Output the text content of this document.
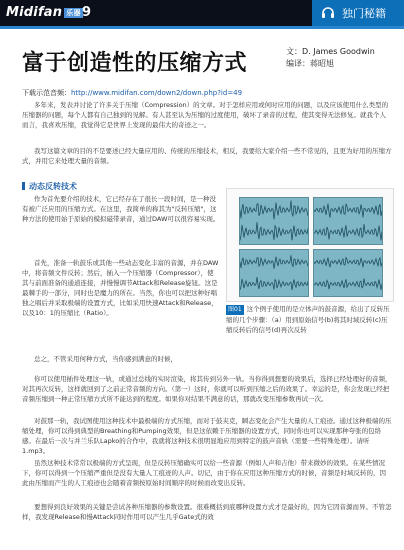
Midifan 乐器 9	独门秘籍
富于创造性的压缩方式	文：D. James Goodwin
编译：蒋昭旭
下载示范音频：http://www.midifan.com/down2/down.php?id=49

多年来，发表并讨论了许多关于压缩（Compression）的文章。对于怎样应用或何时应用的问题，以及应该使用什么类型的压缩器的问题，每个人都有自己独到的见解。有人甚至认为压缩的过度使用，破坏了录音的过程，使其变得无法修复。就我个人而言，我喜欢压缩，我觉得它是世界上发现的最伟大的奇迹之一。

我写这篇文章的目的不是要述已经大量应用的、传统的压缩技术，相反，我要给大家介绍一些不常见的，且更为好用的压缩方式，并用它来处理大量的音频。

动态反转技术

作为首先要介绍的技术，它已经存在了很长一段时间，是一种没有被广泛应用的压缩方式。在这里，我简单的称其为"反转压缩"，这种方法的使用始于原始的模拟磁带录音，通过DAW可以很容易实现。

首先，准备一轨鼓乐或其他一些动态变化丰富的音源，并在DAW中，将音频文件反转；然后，插入一个压缩器（Compressor），使其与前面准备的通道连接，并慢慢调节Attack和Release旋钮。这是最棘手的一部分，同时也是魔力的所在。当然，你也可以把这种好唱独之唱后并采取极端的设置方式，比如采用快速Attack和Release，以及10：1的压缩比（Ratio）。

总之，不管采用何种方式，当你感到满意的时候，

图01 这个例子使用的是立体声的鼓音源，给出了反转压缩的几个步骤：（a）用到原始信号(b)将其时域反转(c)压缩反转后的信号(d)再次反转

你可以使用插件处理这一轨，或通过总线的实时渲染，将其传到另外一轨。当你得到想要的效果后，选择已经处理好的音频，对其再次反转，这样就回到了之前正常音频的方向。（第一）这时，你就可以听到压缩之后的效果了。幸运的是，你会发现已经把音频压缩到一种正常压缩方式所不能达到的程度。如果你对结果不满意的话，那就改变压缩参数再试一次。

对鼓那一轨，我试图使用这种技术中最极端的方式压缩，而对于鼓夹克，瞬态变化会产生大量的人工痕迹。通过这种极端的压缩处理，你可以得到典型的Breathing和Pumping效果，但是这依赖于压缩器的设置方式，同时你也可以实现那种夸张的包络感。在最后一次与并兰乐队Lapko的合作中，我就将这种技术很明显地应用到特定的鼓声音轨（需要一些特殊处理）。请听1.mp3。

虽然这种技术常常以极端的方式呈现，但是反转压缩确实可以给一些音源（例如人声和吉他）带来微妙的效果。在某些情况下，你可以得到一个压缩严重但是没有大量人工痕迹的人声。切记，由于你在应用这种压缩方式的时候，音频是时域反转的，因此由压缩而产生的人工痕迹也会随着音频按原始时间顺序的时候而改变出反转。

要想得到良好效果的关键是尝试各种压缩器的参数设置。很难概括到底哪种设置方式才是最好的，因为它因音源而异。不管怎样，我发现Release和慢Attack同时作用可以产生几乎Gate式的效
